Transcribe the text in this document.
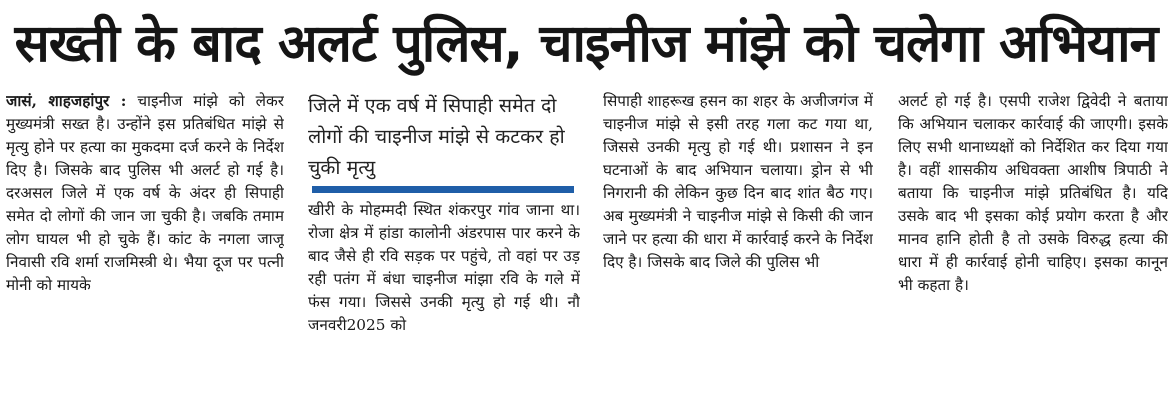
सख्ती के बाद अलर्ट पुलिस, चाइनीज मांझे को चलेगा अभियान

जासं, शाहजहांपुर : चाइनीज मांझे को लेकर मुख्यमंत्री सख्त है। उन्होंने इस प्रतिबंधित मांझे से मृत्यु होने पर हत्या का मुकदमा दर्ज करने के निर्देश दिए है। जिसके बाद पुलिस भी अलर्ट हो गई है। दरअसल जिले में एक वर्ष के अंदर ही सिपाही समेत दो लोगों की जान जा चुकी है। जबकि तमाम लोग घायल भी हो चुके हैं। कांट के नगला जाजू निवासी रवि शर्मा राजमिस्त्री थे। भैया दूज पर पत्नी मोनी को मायके

जिले में एक वर्ष में सिपाही समेत दो लोगों की चाइनीज मांझे से कटकर हो चुकी मृत्यु

खीरी के मोहम्मदी स्थित शंकरपुर गांव जाना था। रोजा क्षेत्र में हांडा कालोनी अंडरपास पार करने के बाद जैसे ही रवि सड़क पर पहुंचे, तो वहां पर उड़ रही पतंग में बंधा चाइनीज मांझा रवि के गले में फंस गया। जिससे उनकी मृत्यु हो गई थी। नौ जनवरी2025 को

सिपाही शाहरूख हसन का शहर के अजीजगंज में चाइनीज मांझे से इसी तरह गला कट गया था, जिससे उनकी मृत्यु हो गई थी। प्रशासन ने इन घटनाओं के बाद अभियान चलाया। ड्रोन से भी निगरानी की लेकिन कुछ दिन बाद शांत बैठ गए। अब मुख्यमंत्री ने चाइनीज मांझे से किसी की जान जाने पर हत्या की धारा में कार्रवाई करने के निर्देश दिए है। जिसके बाद जिले की पुलिस भी

अलर्ट हो गई है। एसपी राजेश द्विवेदी ने बताया कि अभियान चलाकर कार्रवाई की जाएगी। इसके लिए सभी थानाध्यक्षों को निर्देशित कर दिया गया है। वहीं शासकीय अधिवक्ता आशीष त्रिपाठी ने बताया कि चाइनीज मांझे प्रतिबंधित है। यदि उसके बाद भी इसका कोई प्रयोग करता है और मानव हानि होती है तो उसके विरुद्ध हत्या की धारा में ही कार्रवाई होनी चाहिए। इसका कानून भी कहता है।
